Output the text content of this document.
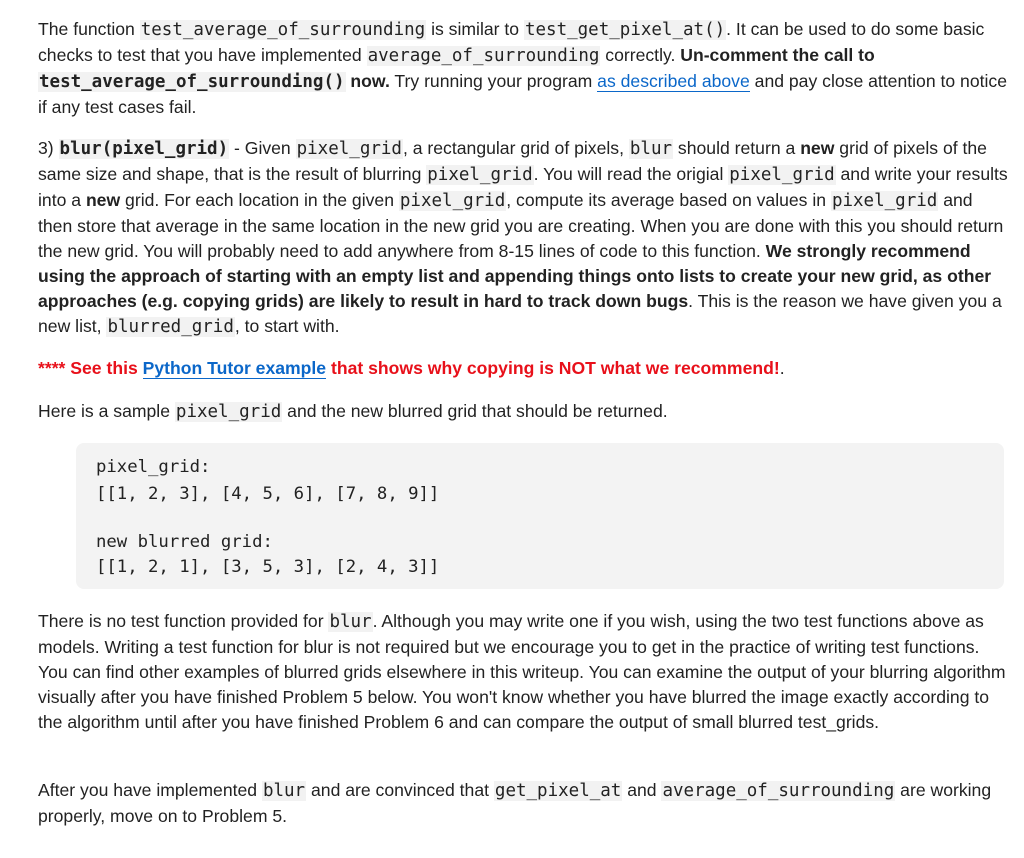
The function test_average_of_surrounding is similar to test_get_pixel_at(). It can be used to do some basic checks to test that you have implemented average_of_surrounding correctly. Un-comment the call to test_average_of_surrounding() now. Try running your program as described above and pay close attention to notice if any test cases fail.

3) blur(pixel_grid) - Given pixel_grid, a rectangular grid of pixels, blur should return a new grid of pixels of the same size and shape, that is the result of blurring pixel_grid. You will read the origial pixel_grid and write your results into a new grid. For each location in the given pixel_grid, compute its average based on values in pixel_grid and then store that average in the same location in the new grid you are creating. When you are done with this you should return the new grid. You will probably need to add anywhere from 8-15 lines of code to this function. We strongly recommend using the approach of starting with an empty list and appending things onto lists to create your new grid, as other approaches (e.g. copying grids) are likely to result in hard to track down bugs. This is the reason we have given you a new list, blurred_grid, to start with.

**** See this Python Tutor example that shows why copying is NOT what we recommend!.

Here is a sample pixel_grid and the new blurred grid that should be returned.

pixel_grid:
[[1, 2, 3], [4, 5, 6], [7, 8, 9]]
new blurred grid:
[[1, 2, 1], [3, 5, 3], [2, 4, 3]]

There is no test function provided for blur. Although you may write one if you wish, using the two test functions above as models. Writing a test function for blur is not required but we encourage you to get in the practice of writing test functions. You can find other examples of blurred grids elsewhere in this writeup. You can examine the output of your blurring algorithm visually after you have finished Problem 5 below. You won't know whether you have blurred the image exactly according to the algorithm until after you have finished Problem 6 and can compare the output of small blurred test_grids.

After you have implemented blur and are convinced that get_pixel_at and average_of_surrounding are working properly, move on to Problem 5.
